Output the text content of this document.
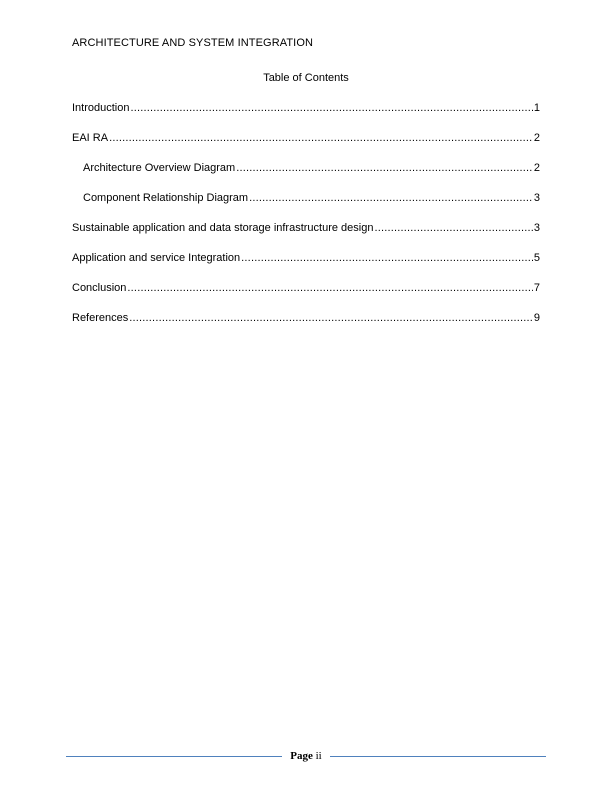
ARCHITECTURE AND SYSTEM INTEGRATION
Table of Contents
Introduction .....	1
EAI RA .....	2
Architecture Overview Diagram .....	2
Component Relationship Diagram .....	3
Sustainable application and data storage infrastructure design .....	3
Application and service Integration .....	5
Conclusion .....	7
References .....	9
Page ii
